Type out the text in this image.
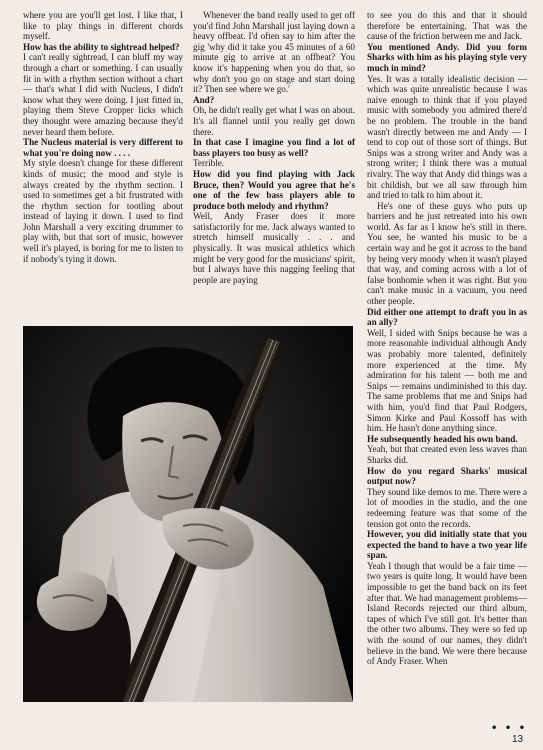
where you are you'll get lost. I like that, I like to play things in different chords myself.

How has the ability to sightread helped?

I can't really sightread, I can bluff my way through a chart or something. I can usually fit in with a rhythm section without a chart — that's what I did with Nucleus, I didn't know what they were doing. I just fitted in, playing them Steve Cropper licks which they thought were amazing because they'd never heard them before.

The Nucleus material is very different to what you're doing now . . . .

My style doesn't change for these different kinds of music; the mood and style is always created by the rhythm section. I used to sometimes get a bit frustrated with the rhythm section for tootling about instead of laying it down. I used to find John Marshall a very exciting drummer to play with, but that sort of music, however well it's played, is boring for me to listen to if nobody's tying it down.

Whenever the band really used to get off you'd find John Marshall just laying down a heavy offbeat. I'd often say to him after the gig 'why did it take you 45 minutes of a 60 minute gig to arrive at an offbeat? You know it's happening when you do that, so why don't you go on stage and start doing it? Then see where we go.'

And?

Oh, he didn't really get what I was on about. It's all flannel until you really get down there.

In that case I imagine you find a lot of bass players too busy as well?

Terrible.

How did you find playing with Jack Bruce, then? Would you agree that he's one of the few bass players able to produce both melody and rhythm?

Well, Andy Fraser does it more satisfactorily for me. Jack always wanted to stretch himself musically . . . and physically. It was musical athletics which might be very good for the musicians' spirit, but I always have this nagging feeling that people are paying

to see you do this and that it should therefore be entertaining. That was the cause of the friction between me and Jack.

You mentioned Andy. Did you form Sharks with him as his playing style very much in mind?

Yes. It was a totally idealistic decision — which was quite unrealistic because I was naive enough to think that if you played music with somebody you admired there'd be no problem. The trouble in the band wasn't directly between me and Andy — I tend to cop out of those sort of things. But Snips was a strong writer and Andy was a strong writer; I think there was a mutual rivalry. The way that Andy did things was a bit childish, but we all saw through him and tried to talk to him about it.

He's one of these guys who puts up barriers and he just retreated into his own world. As far as I know he's still in there. You see, he wanted his music to be a certain way and he got it across to the band by being very moody when it wasn't played that way, and coming across with a lot of false bonhomie when it was right. But you can't make music in a vacuum, you need other people.

Did either one attempt to draft you in as an ally?

Well, I sided with Snips because he was a more reasonable individual although Andy was probably more talented, definitely more experienced at the time. My admiration for his talent — both me and Snips — remains undiminished to this day. The same problems that me and Snips had with him, you'd find that Paul Rodgers, Simon Kirke and Paul Kossoff has with him. He hasn't done anything since.

He subsequently headed his own band.

Yeah, but that created even less waves than Sharks did.

How do you regard Sharks' musical output now?

They sound like demos to me. There were a lot of moodies in the studio, and the one redeeming feature was that some of the tension got onto the records.

However, you did initially state that you expected the band to have a two year life span.

Yeah I though that would be a fair time — two years is quite long. It would have been impossible to get the band back on its feet after that. We had management problems—Island Records rejected our third album, tapes of which I've still got. It's better than the other two albums. They were so fed up with the sound of our names, they didn't believe in the band. We were there because of Andy Fraser. When

• • •
13
